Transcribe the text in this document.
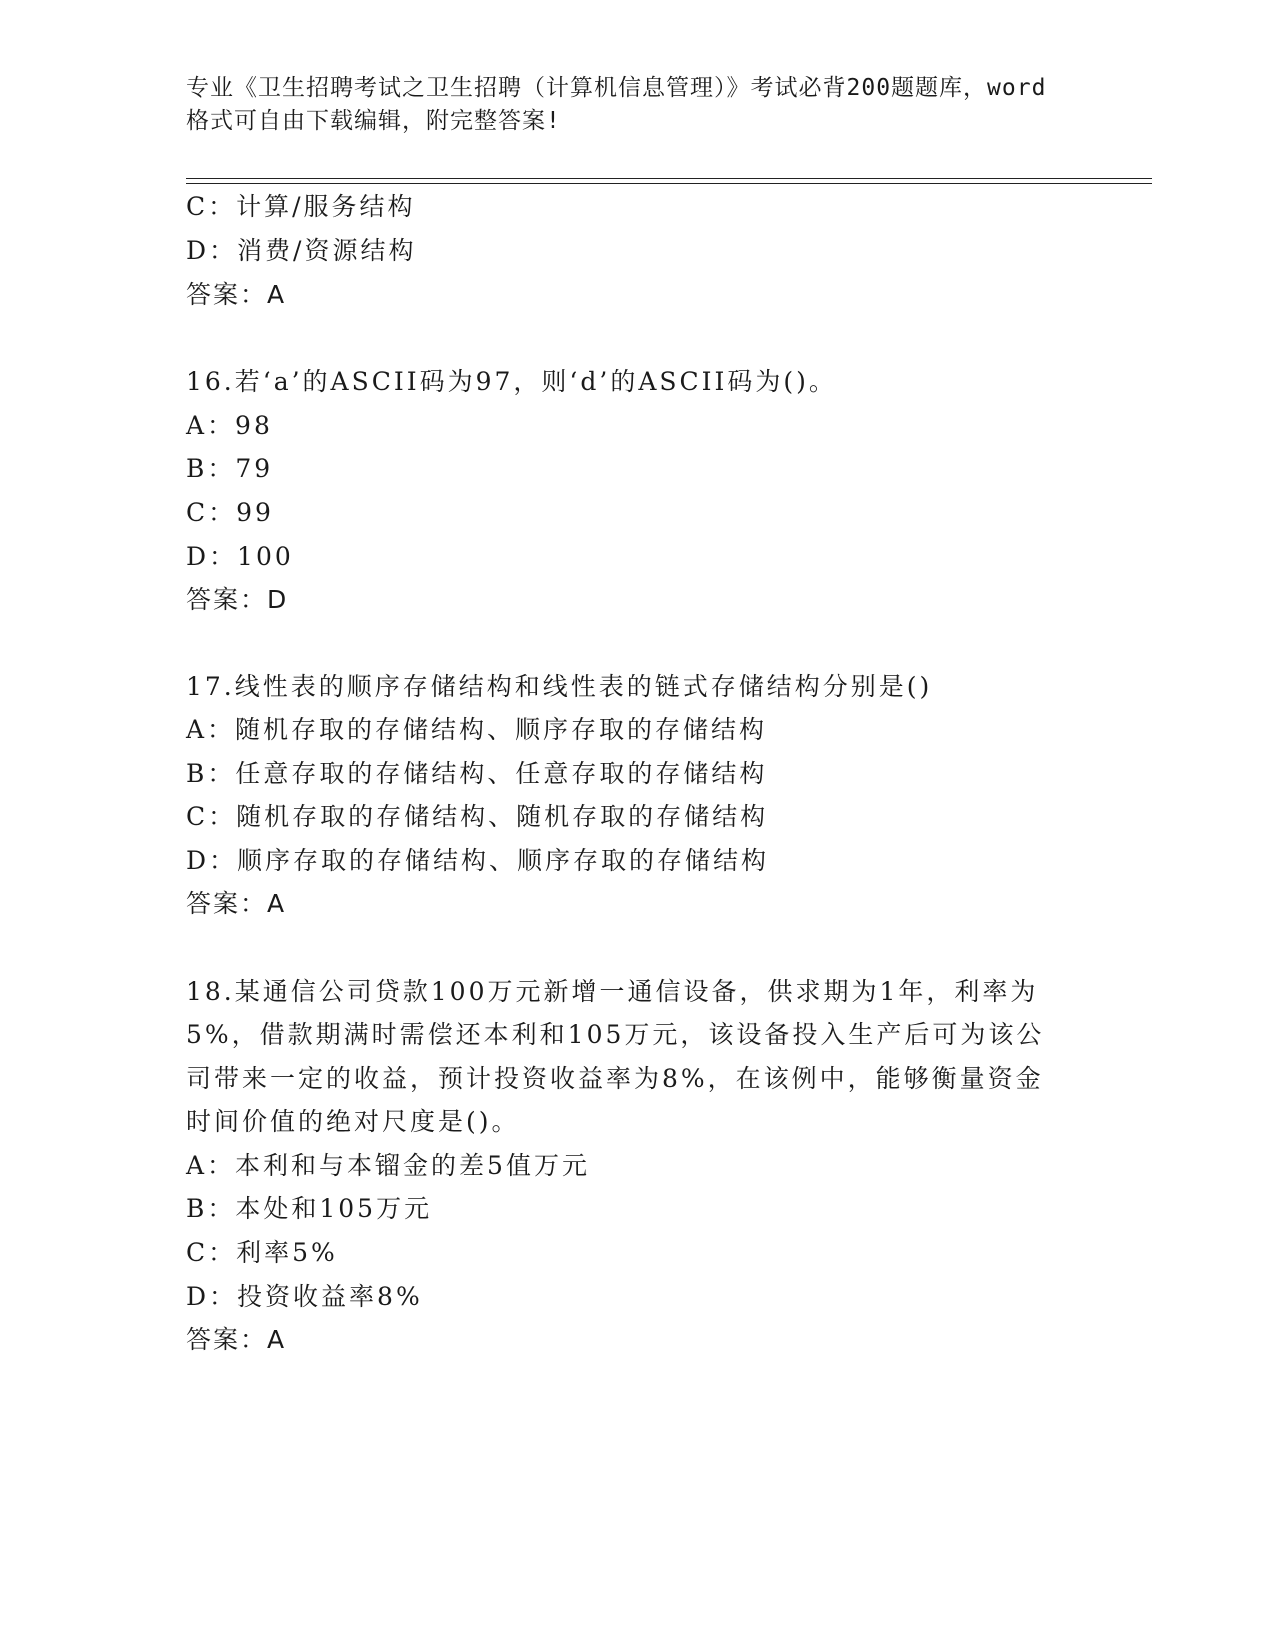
专业《卫生招聘考试之卫生招聘（计算机信息管理）》考试必背200题题库，word
格式可自由下载编辑，附完整答案!
C：计算/服务结构
D：消费/资源结构
答案：A
16.若‘a’的ASCII码为97，则‘d’的ASCII码为()。
A：98
B：79
C：99
D：100
答案：D
17.线性表的顺序存储结构和线性表的链式存储结构分别是()
A：随机存取的存储结构、顺序存取的存储结构
B：任意存取的存储结构、任意存取的存储结构
C：随机存取的存储结构、随机存取的存储结构
D：顺序存取的存储结构、顺序存取的存储结构
答案：A
18.某通信公司贷款100万元新增一通信设备，供求期为1年，利率为
5%，借款期满时需偿还本利和105万元，该设备投入生产后可为该公
司带来一定的收益，预计投资收益率为8%，在该例中，能够衡量资金
时间价值的绝对尺度是()。
A：本利和与本镏金的差5值万元
B：本处和105万元
C：利率5%
D：投资收益率8%
答案：A
